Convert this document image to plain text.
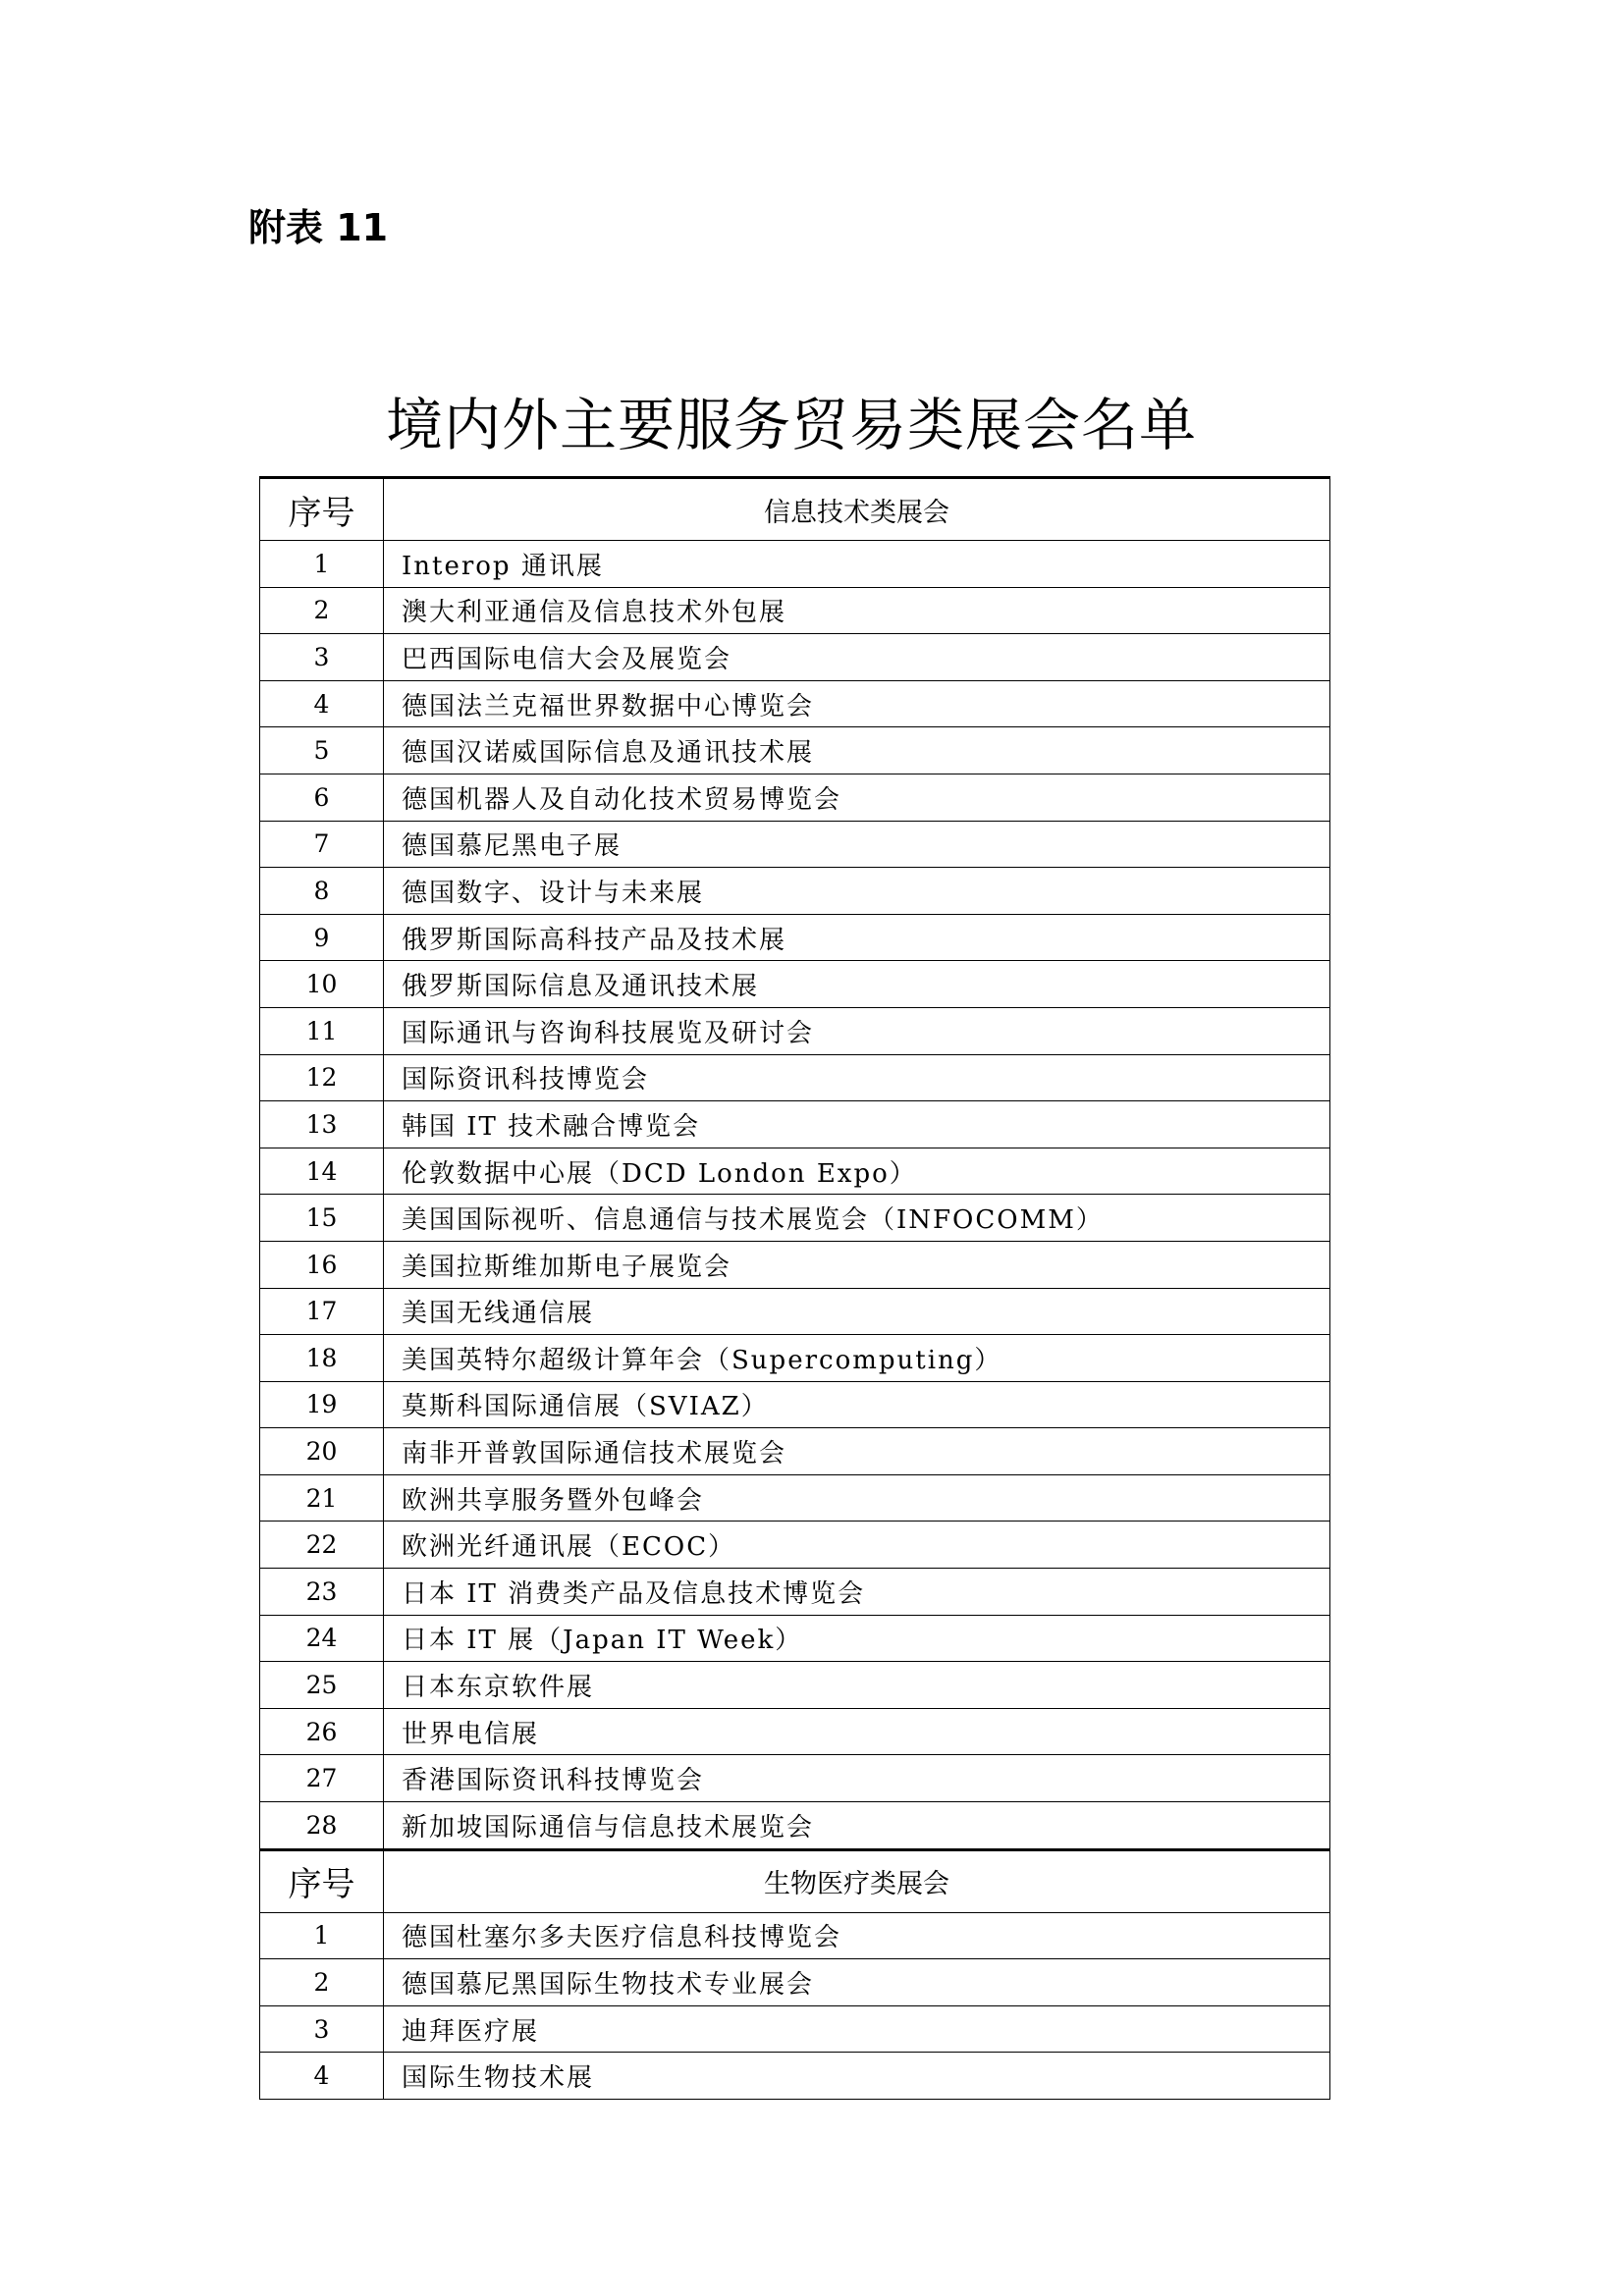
附表 11
境内外主要服务贸易类展会名单
序号	信息技术类展会
1	Interop 通讯展
2	澳大利亚通信及信息技术外包展
3	巴西国际电信大会及展览会
4	德国法兰克福世界数据中心博览会
5	德国汉诺威国际信息及通讯技术展
6	德国机器人及自动化技术贸易博览会
7	德国慕尼黑电子展
8	德国数字、设计与未来展
9	俄罗斯国际高科技产品及技术展
10	俄罗斯国际信息及通讯技术展
11	国际通讯与咨询科技展览及研讨会
12	国际资讯科技博览会
13	韩国 IT 技术融合博览会
14	伦敦数据中心展（DCD London Expo）
15	美国国际视听、信息通信与技术展览会（INFOCOMM）
16	美国拉斯维加斯电子展览会
17	美国无线通信展
18	美国英特尔超级计算年会（Supercomputing）
19	莫斯科国际通信展（SVIAZ）
20	南非开普敦国际通信技术展览会
21	欧洲共享服务暨外包峰会
22	欧洲光纤通讯展（ECOC）
23	日本 IT 消费类产品及信息技术博览会
24	日本 IT 展（Japan IT Week）
25	日本东京软件展
26	世界电信展
27	香港国际资讯科技博览会
28	新加坡国际通信与信息技术展览会
序号	生物医疗类展会
1	德国杜塞尔多夫医疗信息科技博览会
2	德国慕尼黑国际生物技术专业展会
3	迪拜医疗展
4	国际生物技术展
